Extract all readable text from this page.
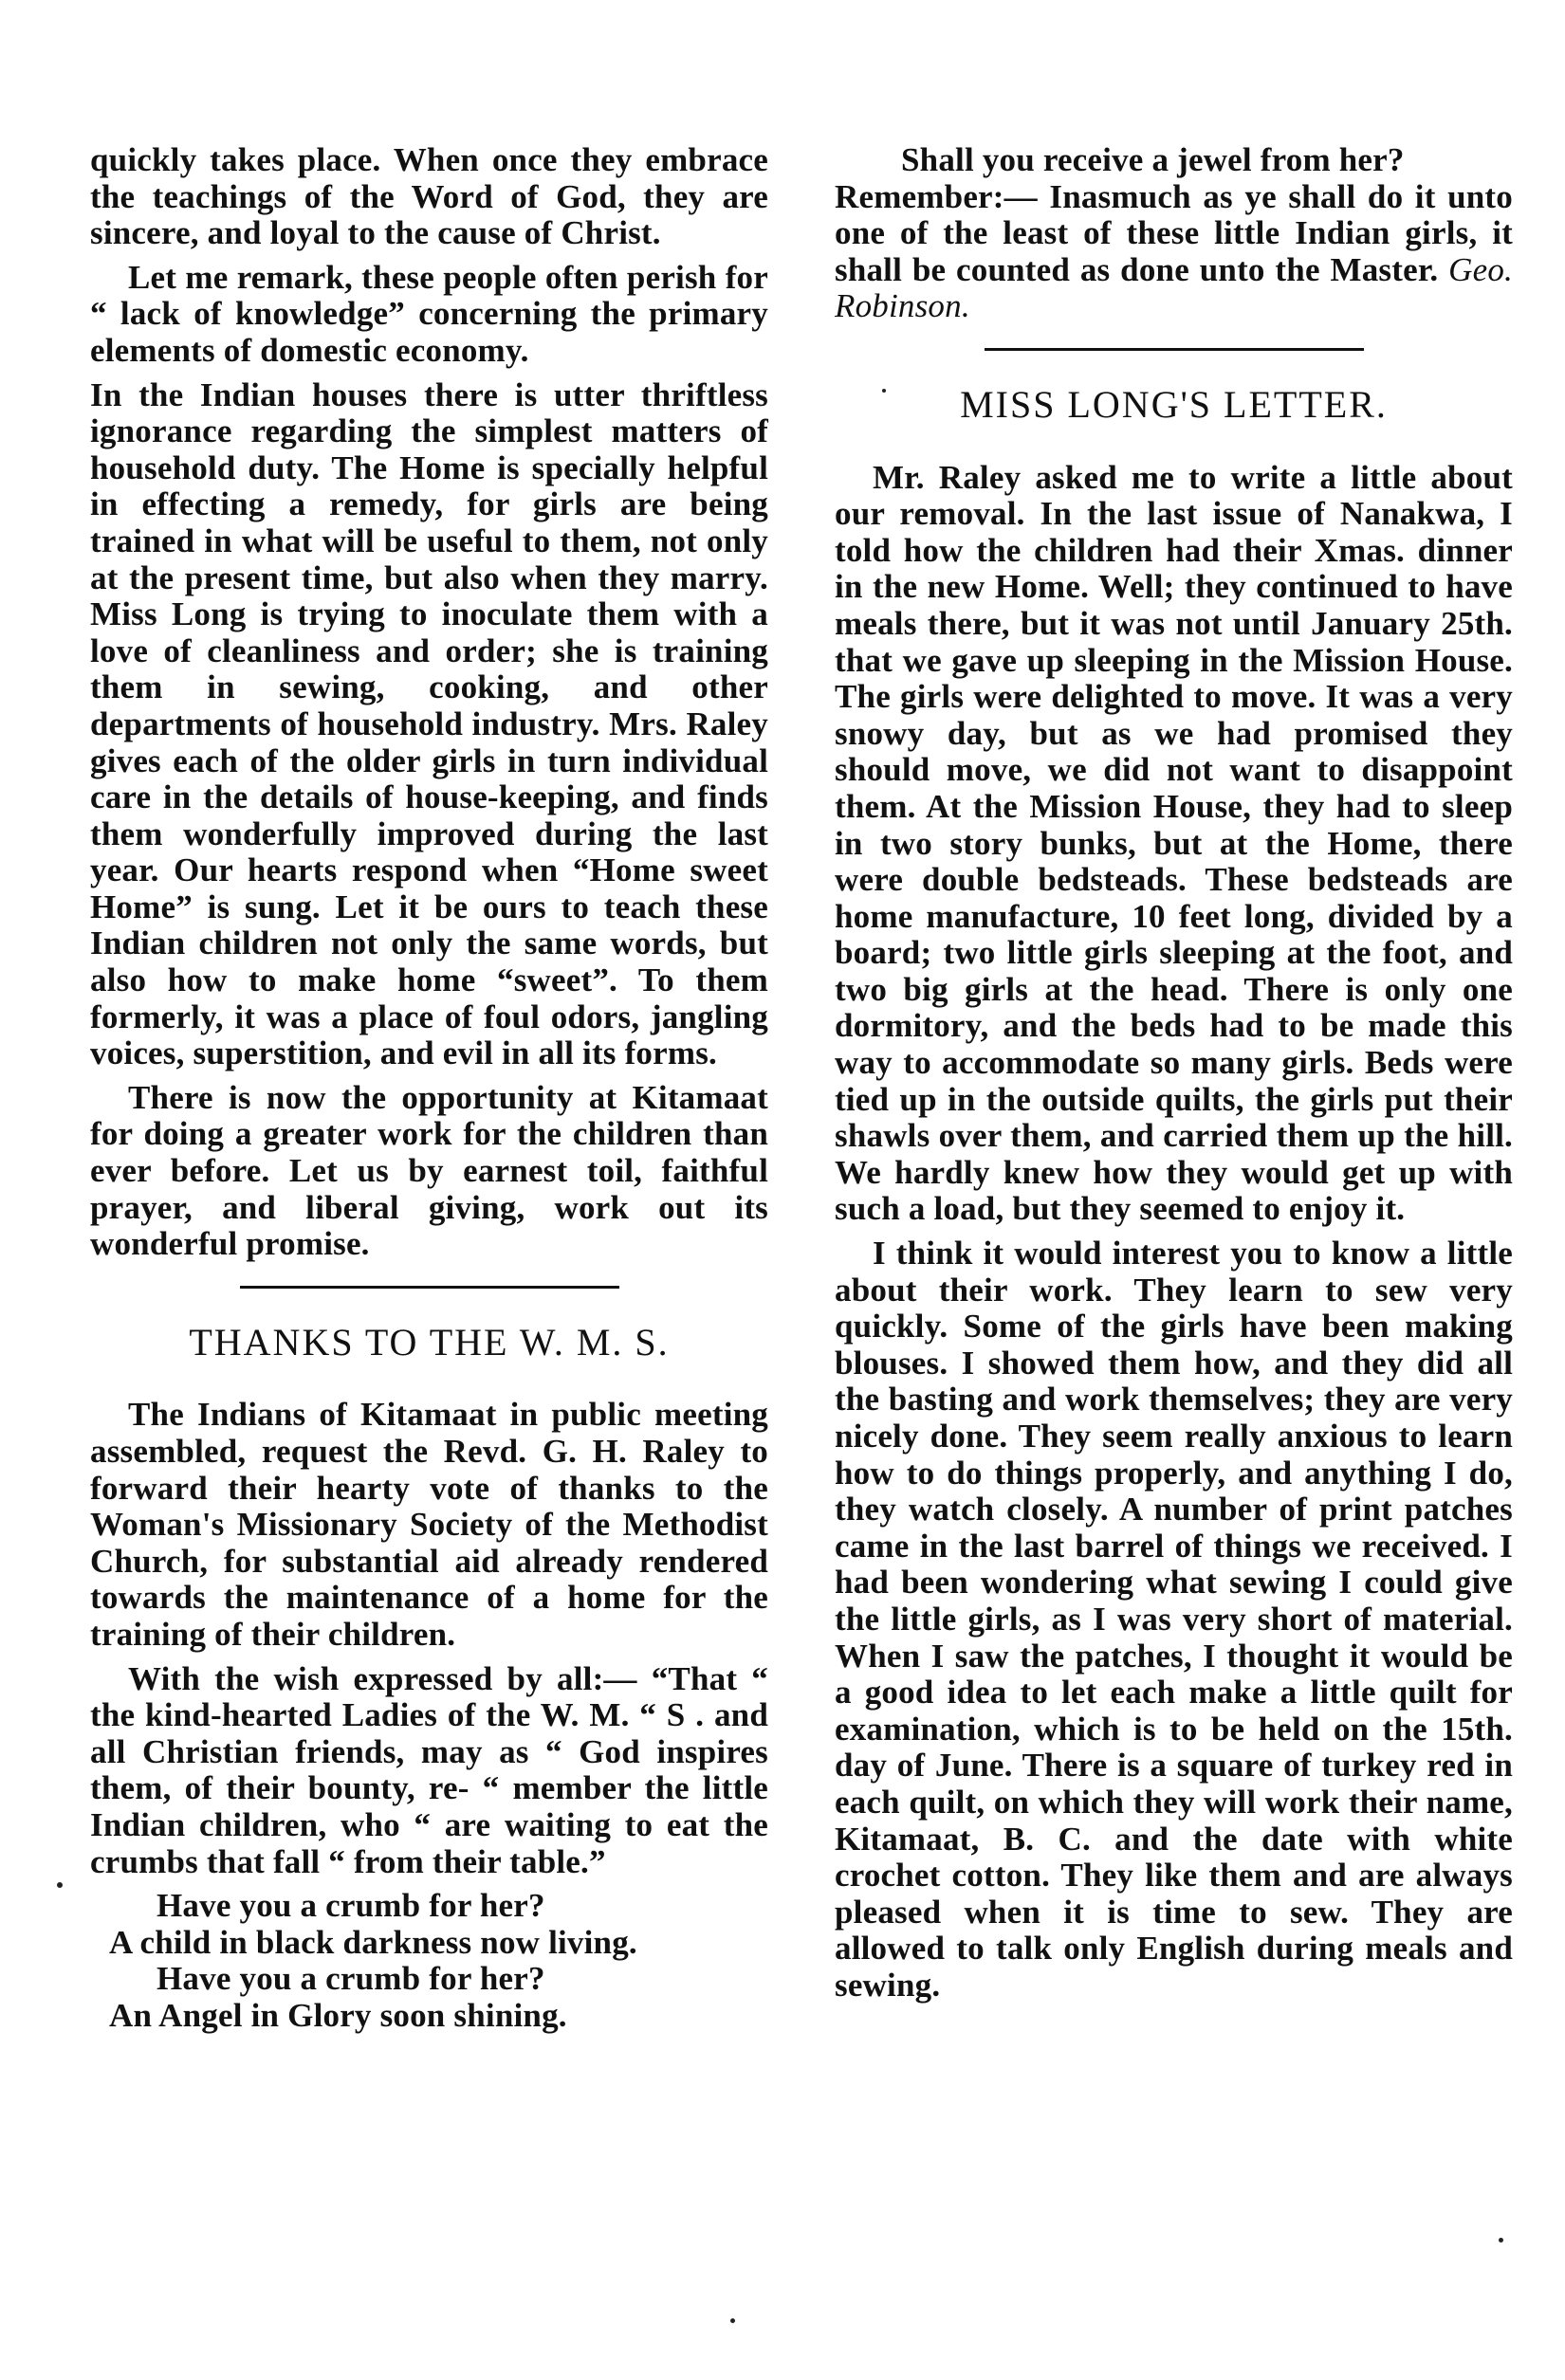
quickly takes place. When once they embrace the teachings of the Word of God, they are sincere, and loyal to the cause of Christ.

Let me remark, these people often perish for “ lack of knowledge” concerning the primary elements of domestic economy.

In the Indian houses there is utter thriftless ignorance regarding the simplest matters of household duty. The Home is specially helpful in effecting a remedy, for girls are being trained in what will be useful to them, not only at the present time, but also when they marry. Miss Long is trying to inoculate them with a love of cleanliness and order; she is training them in sewing, cooking, and other departments of household industry. Mrs. Raley gives each of the older girls in turn individual care in the details of house-keeping, and finds them wonderfully improved during the last year. Our hearts respond when “Home sweet Home” is sung. Let it be ours to teach these Indian children not only the same words, but also how to make home “sweet”. To them formerly, it was a place of foul odors, jangling voices, superstition, and evil in all its forms.

There is now the opportunity at Kitamaat for doing a greater work for the children than ever before. Let us by earnest toil, faithful prayer, and liberal giving, work out its wonderful promise.

THANKS TO THE W. M. S.

The Indians of Kitamaat in public meeting assembled, request the Revd. G. H. Raley to forward their hearty vote of thanks to the Woman's Missionary Society of the Methodist Church, for substantial aid already rendered towards the maintenance of a home for the training of their children.

With the wish expressed by all:— “That “ the kind-hearted Ladies of the W. M. “ S . and all Christian friends, may as “ God inspires them, of their bounty, re- “ member the little Indian children, who “ are waiting to eat the crumbs that fall “ from their table.”

Have you a crumb for her?
A child in black darkness now living.
Have you a crumb for her?
An Angel in Glory soon shining.
Shall you receive a jewel from her?

Remember:— Inasmuch as ye shall do it unto one of the least of these little Indian girls, it shall be counted as done unto the Master. Geo. Robinson.

MISS LONG'S LETTER.

Mr. Raley asked me to write a little about our removal. In the last issue of Nanakwa, I told how the children had their Xmas. dinner in the new Home. Well; they continued to have meals there, but it was not until January 25th. that we gave up sleeping in the Mission House. The girls were delighted to move. It was a very snowy day, but as we had promised they should move, we did not want to disappoint them. At the Mission House, they had to sleep in two story bunks, but at the Home, there were double bedsteads. These bedsteads are home manufacture, 10 feet long, divided by a board; two little girls sleeping at the foot, and two big girls at the head. There is only one dormitory, and the beds had to be made this way to accommodate so many girls. Beds were tied up in the outside quilts, the girls put their shawls over them, and carried them up the hill. We hardly knew how they would get up with such a load, but they seemed to enjoy it.

I think it would interest you to know a little about their work. They learn to sew very quickly. Some of the girls have been making blouses. I showed them how, and they did all the basting and work themselves; they are very nicely done. They seem really anxious to learn how to do things properly, and anything I do, they watch closely. A number of print patches came in the last barrel of things we received. I had been wondering what sewing I could give the little girls, as I was very short of material. When I saw the patches, I thought it would be a good idea to let each make a little quilt for examination, which is to be held on the 15th. day of June. There is a square of turkey red in each quilt, on which they will work their name, Kitamaat, B. C. and the date with white crochet cotton. They like them and are always pleased when it is time to sew. They are allowed to talk only English during meals and sewing.
